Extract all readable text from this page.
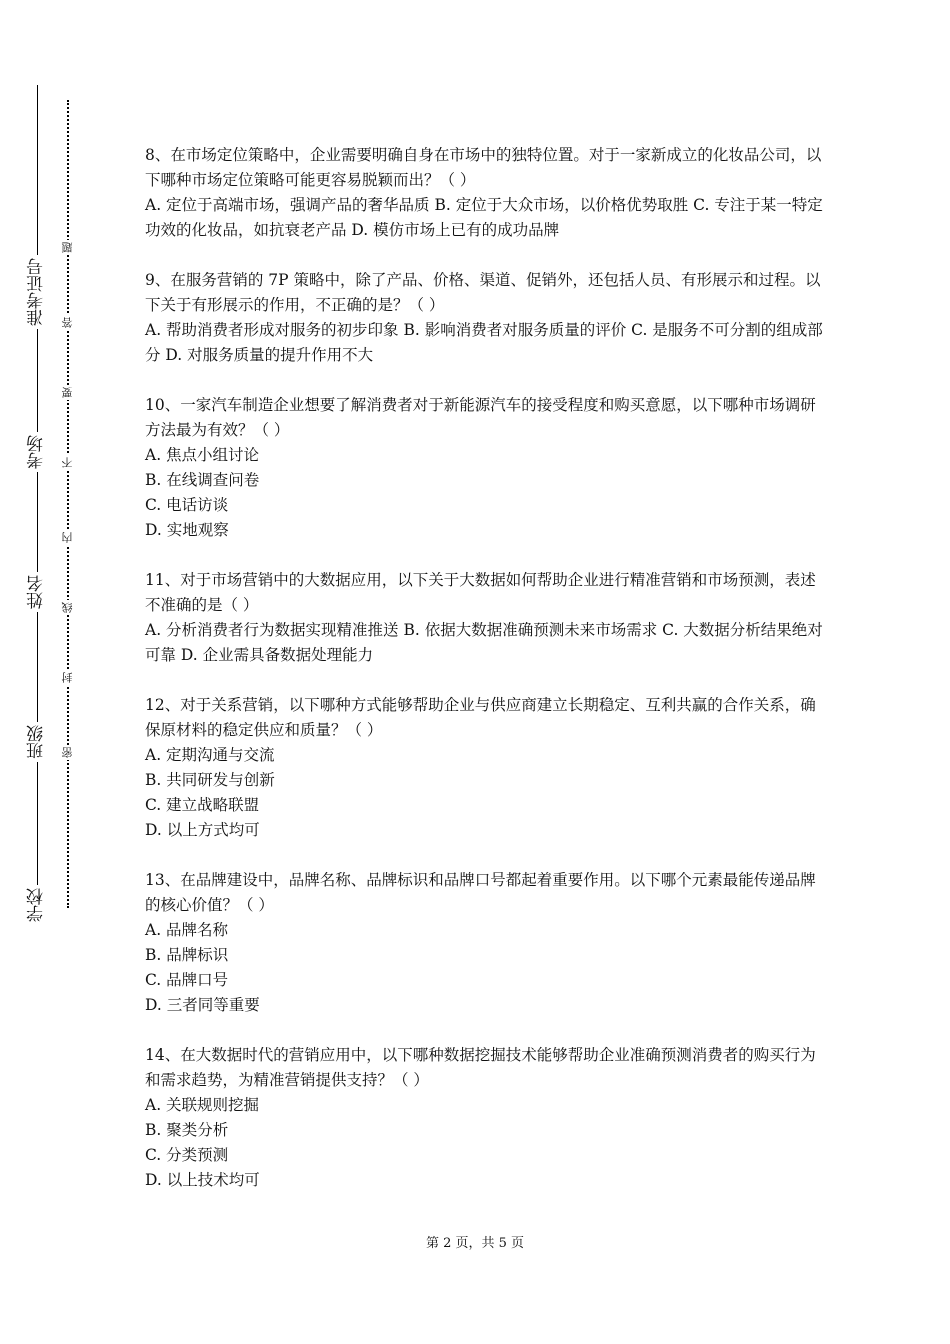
准考证号
考场
姓名
班级
学校
题
答
要
不
内
线
封
密

8、在市场定位策略中，企业需要明确自身在市场中的独特位置。对于一家新成立的化妆品公司，以下哪种市场定位策略可能更容易脱颖而出？（ ）

A. 定位于高端市场，强调产品的奢华品质 B. 定位于大众市场，以价格优势取胜 C. 专注于某一特定功效的化妆品，如抗衰老产品 D. 模仿市场上已有的成功品牌

9、在服务营销的 7P 策略中，除了产品、价格、渠道、促销外，还包括人员、有形展示和过程。以下关于有形展示的作用，不正确的是？（ ）

A. 帮助消费者形成对服务的初步印象 B. 影响消费者对服务质量的评价 C. 是服务不可分割的组成部分 D. 对服务质量的提升作用不大

10、一家汽车制造企业想要了解消费者对于新能源汽车的接受程度和购买意愿，以下哪种市场调研方法最为有效？（ ）

A. 焦点小组讨论

B. 在线调查问卷

C. 电话访谈

D. 实地观察

11、对于市场营销中的大数据应用，以下关于大数据如何帮助企业进行精准营销和市场预测，表述不准确的是（ ）

A. 分析消费者行为数据实现精准推送 B. 依据大数据准确预测未来市场需求 C. 大数据分析结果绝对可靠 D. 企业需具备数据处理能力

12、对于关系营销，以下哪种方式能够帮助企业与供应商建立长期稳定、互利共赢的合作关系，确保原材料的稳定供应和质量？（ ）

A. 定期沟通与交流

B. 共同研发与创新

C. 建立战略联盟

D. 以上方式均可

13、在品牌建设中，品牌名称、品牌标识和品牌口号都起着重要作用。以下哪个元素最能传递品牌的核心价值？（ ）

A. 品牌名称

B. 品牌标识

C. 品牌口号

D. 三者同等重要

14、在大数据时代的营销应用中，以下哪种数据挖掘技术能够帮助企业准确预测消费者的购买行为和需求趋势，为精准营销提供支持？（ ）

A. 关联规则挖掘

B. 聚类分析

C. 分类预测

D. 以上技术均可

第 2 页，共 5 页
